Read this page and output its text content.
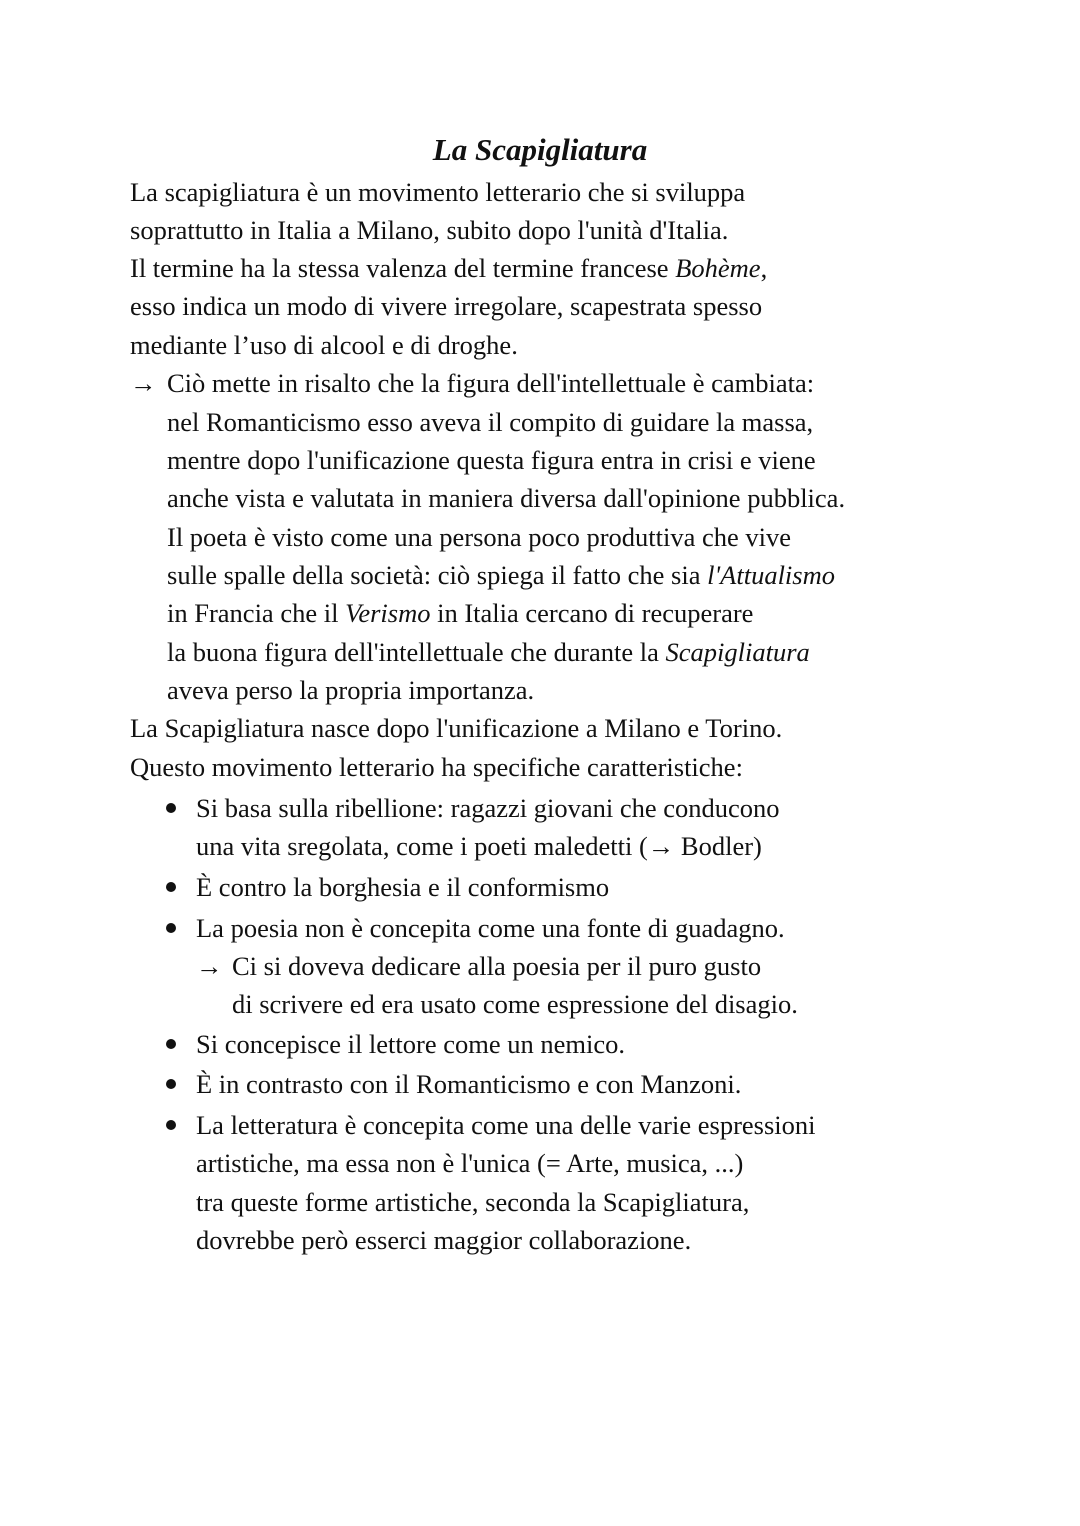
La Scapigliatura
La scapigliatura è un movimento letterario che si sviluppa
soprattutto in Italia a Milano, subito dopo l'unità d'Italia.
Il termine ha la stessa valenza del termine francese Bohème,
esso indica un modo di vivere irregolare, scapestrata spesso
mediante l’uso di alcool e di droghe.
→ Ciò mette in risalto che la figura dell'intellettuale è cambiata:
nel Romanticismo esso aveva il compito di guidare la massa,
mentre dopo l'unificazione questa figura entra in crisi e viene
anche vista e valutata in maniera diversa dall'opinione pubblica.
Il poeta è visto come una persona poco produttiva che vive
sulle spalle della società: ciò spiega il fatto che sia l'Attualismo
in Francia che il Verismo in Italia cercano di recuperare
la buona figura dell'intellettuale che durante la Scapigliatura
aveva perso la propria importanza.
La Scapigliatura nasce dopo l'unificazione a Milano e Torino.
Questo movimento letterario ha specifiche caratteristiche:
Si basa sulla ribellione: ragazzi giovani che conducono
una vita sregolata, come i poeti maledetti (→ Bodler)
È contro la borghesia e il conformismo
La poesia non è concepita come una fonte di guadagno.
→ Ci si doveva dedicare alla poesia per il puro gusto
di scrivere ed era usato come espressione del disagio.
Si concepisce il lettore come un nemico.
È in contrasto con il Romanticismo e con Manzoni.
La letteratura è concepita come una delle varie espressioni
artistiche, ma essa non è l'unica (= Arte, musica, ...)
tra queste forme artistiche, seconda la Scapigliatura,
dovrebbe però esserci maggior collaborazione.
